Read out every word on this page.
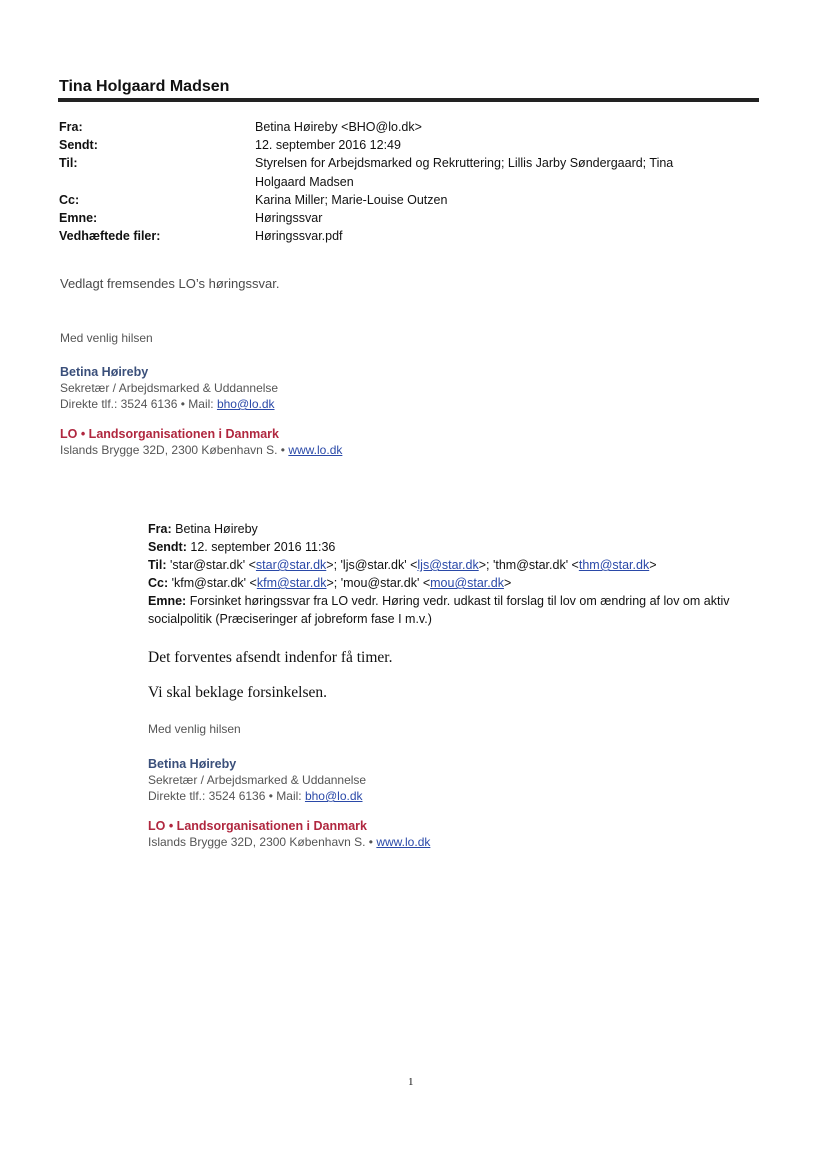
Tina Holgaard Madsen
Fra:	Betina Høireby <BHO@lo.dk>
Sendt:	12. september 2016 12:49
Til:	Styrelsen for Arbejdsmarked og Rekruttering; Lillis Jarby Søndergaard; Tina Holgaard Madsen
Cc:	Karina Miller; Marie-Louise Outzen
Emne:	Høringssvar
Vedhæftede filer:	Høringssvar.pdf
Vedlagt fremsendes LO’s høringssvar.
Med venlig hilsen
Betina Høireby
Sekretær / Arbejdsmarked & Uddannelse
Direkte tlf.: 3524 6136 • Mail: bho@lo.dk
LO • Landsorganisationen i Danmark
Islands Brygge 32D, 2300 København S. • www.lo.dk
Fra: Betina Høireby
Sendt: 12. september 2016 11:36
Til: 'star@star.dk' <star@star.dk>; 'ljs@star.dk' <ljs@star.dk>; 'thm@star.dk' <thm@star.dk>
Cc: 'kfm@star.dk' <kfm@star.dk>; 'mou@star.dk' <mou@star.dk>
Emne: Forsinket høringssvar fra LO vedr. Høring vedr. udkast til forslag til lov om ændring af lov om aktiv socialpolitik (Præciseringer af jobreform fase I m.v.)
Det forventes afsendt indenfor få timer.
Vi skal beklage forsinkelsen.
Med venlig hilsen
Betina Høireby
Sekretær / Arbejdsmarked & Uddannelse
Direkte tlf.: 3524 6136 • Mail: bho@lo.dk
LO • Landsorganisationen i Danmark
Islands Brygge 32D, 2300 København S. • www.lo.dk
1
